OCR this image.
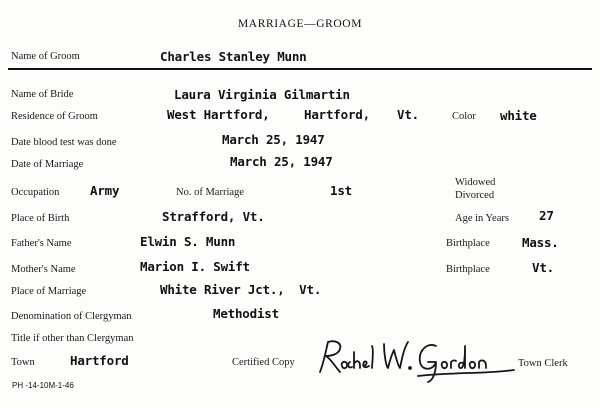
MARRIAGE—GROOM
Name of Groom	Charles Stanley Munn
Name of Bride	Laura Virginia Gilmartin
Residence of Groom	West Hartford,	Hartford, Vt.	Color white
Date blood test was done	March 25, 1947
Date of Marriage	March 25, 1947
Occupation Army	No. of Marriage	1st
Widowed
Divorced
Place of Birth	Strafford, Vt.	Age in Years 27
Father's Name	Elwin S. Munn	Birthplace	Mass.
Mother's Name	Marion I. Swift	Birthplace	Vt.
Place of Marriage	White River Jct.,  Vt.
Denomination of Clergyman	Methodist
Title if other than Clergyman
Town	Hartford	Certified Copy	Town Clerk
PH -14-10M-1-46
